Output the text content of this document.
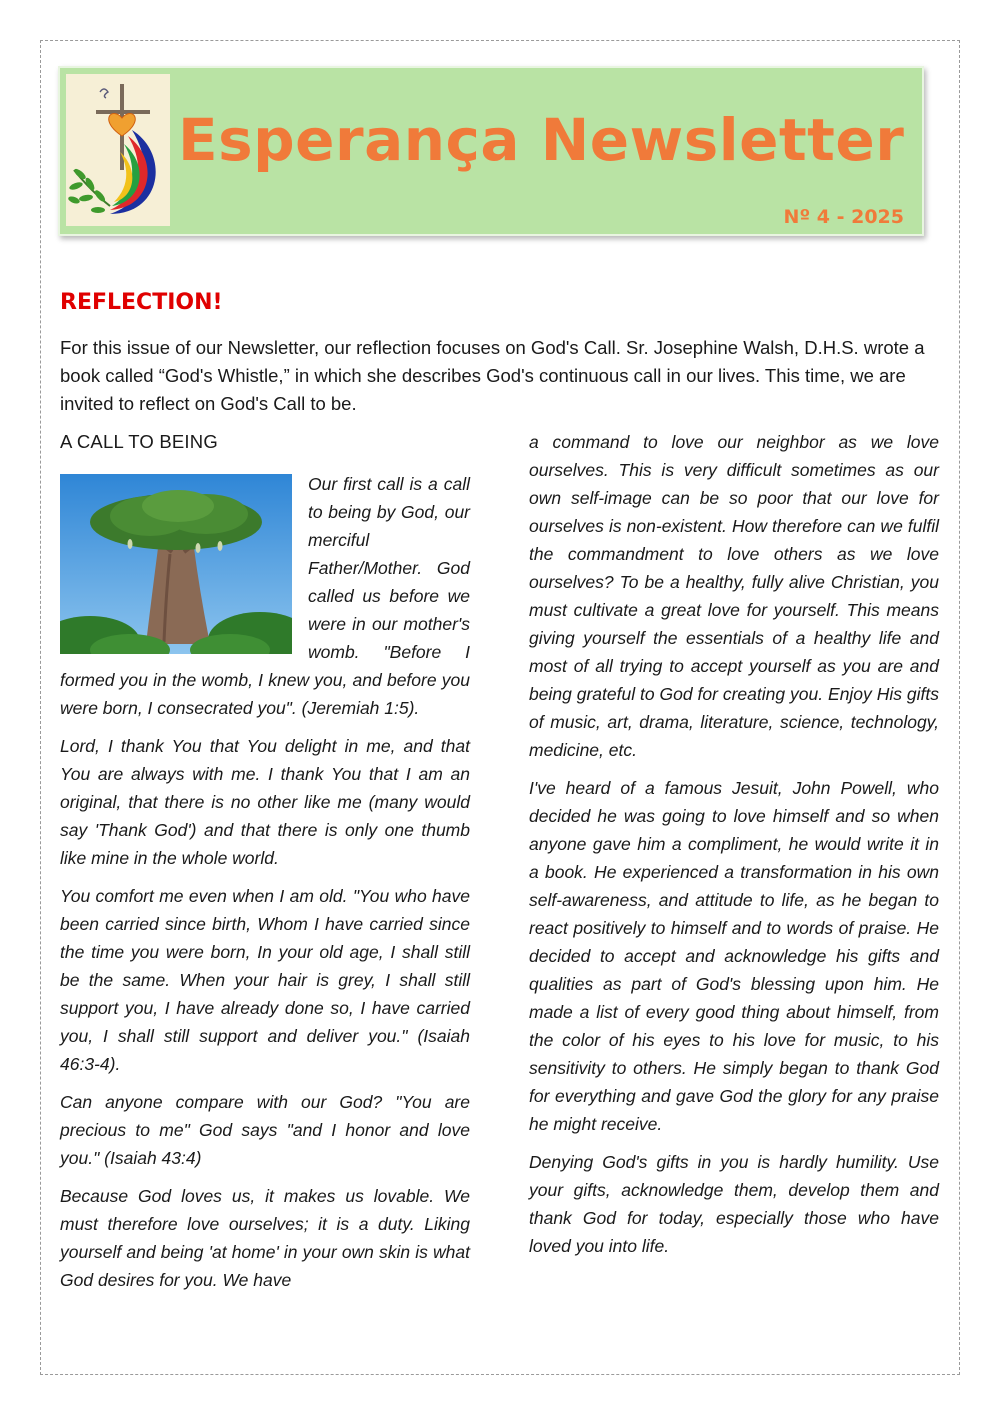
Esperança Newsletter
Nº 4 - 2025
REFLECTION!
For this issue of our Newsletter, our reflection focuses on God's Call. Sr. Josephine Walsh, D.H.S. wrote a book called “God's Whistle,” in which she describes God's continuous call in our lives. This time, we are invited to reflect on God's Call to be.
A CALL TO BEING

Our first call is a call to being by God, our merciful Father/Mother. God called us before we were in our mother's womb. "Before I formed you in the womb, I knew you, and before you were born, I consecrated you". (Jeremiah 1:5).

Lord, I thank You that You delight in me, and that You are always with me. I thank You that I am an original, that there is no other like me (many would say 'Thank God') and that there is only one thumb like mine in the whole world.

You comfort me even when I am old. "You who have been carried since birth, Whom I have carried since the time you were born, In your old age, I shall still be the same. When your hair is grey, I shall still support you, I have already done so, I have carried you, I shall still support and deliver you." (Isaiah 46:3-4).

Can anyone compare with our God? "You are precious to me" God says "and I honor and love you." (Isaiah 43:4)

Because God loves us, it makes us lovable. We must therefore love ourselves; it is a duty. Liking yourself and being 'at home' in your own skin is what God desires for you. We have

a command to love our neighbor as we love ourselves. This is very difficult sometimes as our own self-image can be so poor that our love for ourselves is non-existent. How therefore can we fulfil the commandment to love others as we love ourselves? To be a healthy, fully alive Christian, you must cultivate a great love for yourself. This means giving yourself the essentials of a healthy life and most of all trying to accept yourself as you are and being grateful to God for creating you. Enjoy His gifts of music, art, drama, literature, science, technology, medicine, etc.

I've heard of a famous Jesuit, John Powell, who decided he was going to love himself and so when anyone gave him a compliment, he would write it in a book. He experienced a transformation in his own self-awareness, and attitude to life, as he began to react positively to himself and to words of praise. He decided to accept and acknowledge his gifts and qualities as part of God's blessing upon him. He made a list of every good thing about himself, from the color of his eyes to his love for music, to his sensitivity to others. He simply began to thank God for everything and gave God the glory for any praise he might receive.

Denying God's gifts in you is hardly humility. Use your gifts, acknowledge them, develop them and thank God for today, especially those who have loved you into life.
